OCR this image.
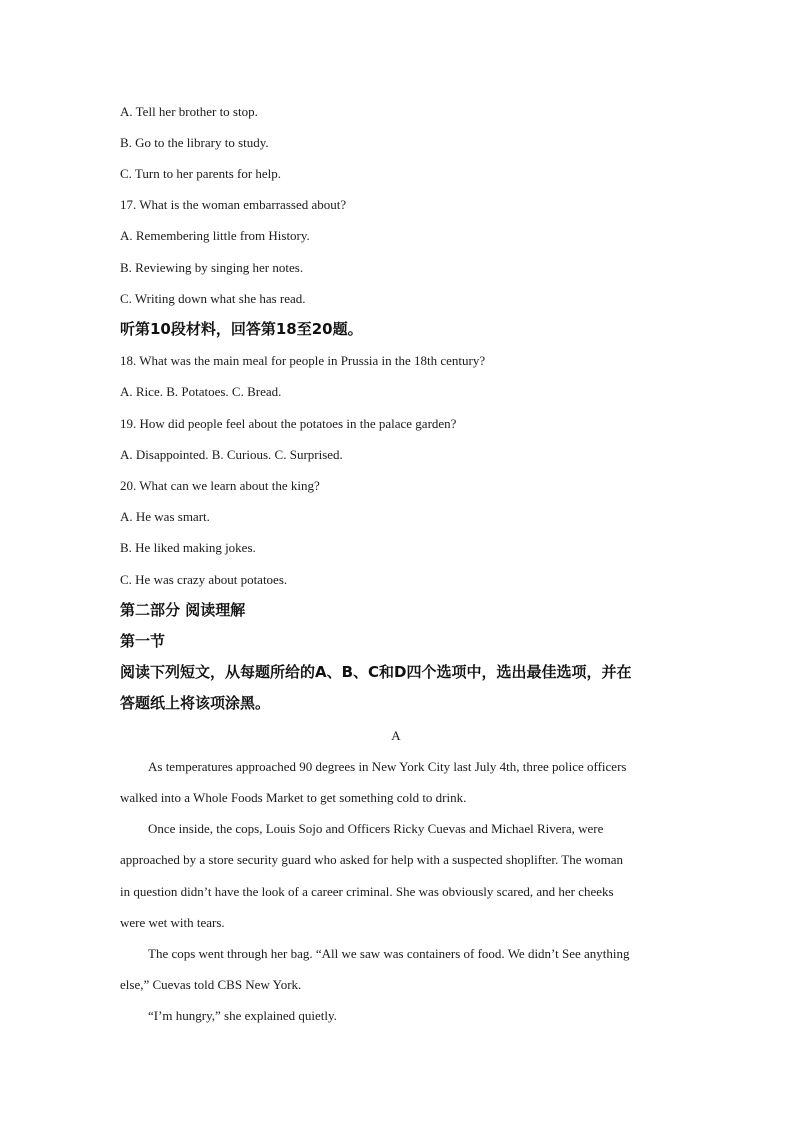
A. Tell her brother to stop.
B. Go to the library to study.
C. Turn to her parents for help.
17. What is the woman embarrassed about?
A. Remembering little from History.
B. Reviewing by singing her notes.
C. Writing down what she has read.
听第10段材料，回答第18至20题。
18. What was the main meal for people in Prussia in the 18th century?
A. Rice. B. Potatoes. C. Bread.
19. How did people feel about the potatoes in the palace garden?
A. Disappointed. B. Curious. C. Surprised.
20. What can we learn about the king?
A. He was smart.
B. He liked making jokes.
C. He was crazy about potatoes.
第二部分 阅读理解
第一节
阅读下列短文，从每题所给的A、B、C和D四个选项中，选出最佳选项，并在
答题纸上将该项涂黑。
A
As temperatures approached 90 degrees in New York City last July 4th, three police officers
walked into a Whole Foods Market to get something cold to drink.
Once inside, the cops, Louis Sojo and Officers Ricky Cuevas and Michael Rivera, were
approached by a store security guard who asked for help with a suspected shoplifter. The woman
in question didn’t have the look of a career criminal. She was obviously scared, and her cheeks
were wet with tears.
The cops went through her bag. “All we saw was containers of food. We didn’t See anything
else,” Cuevas told CBS New York.
“I’m hungry,” she explained quietly.
